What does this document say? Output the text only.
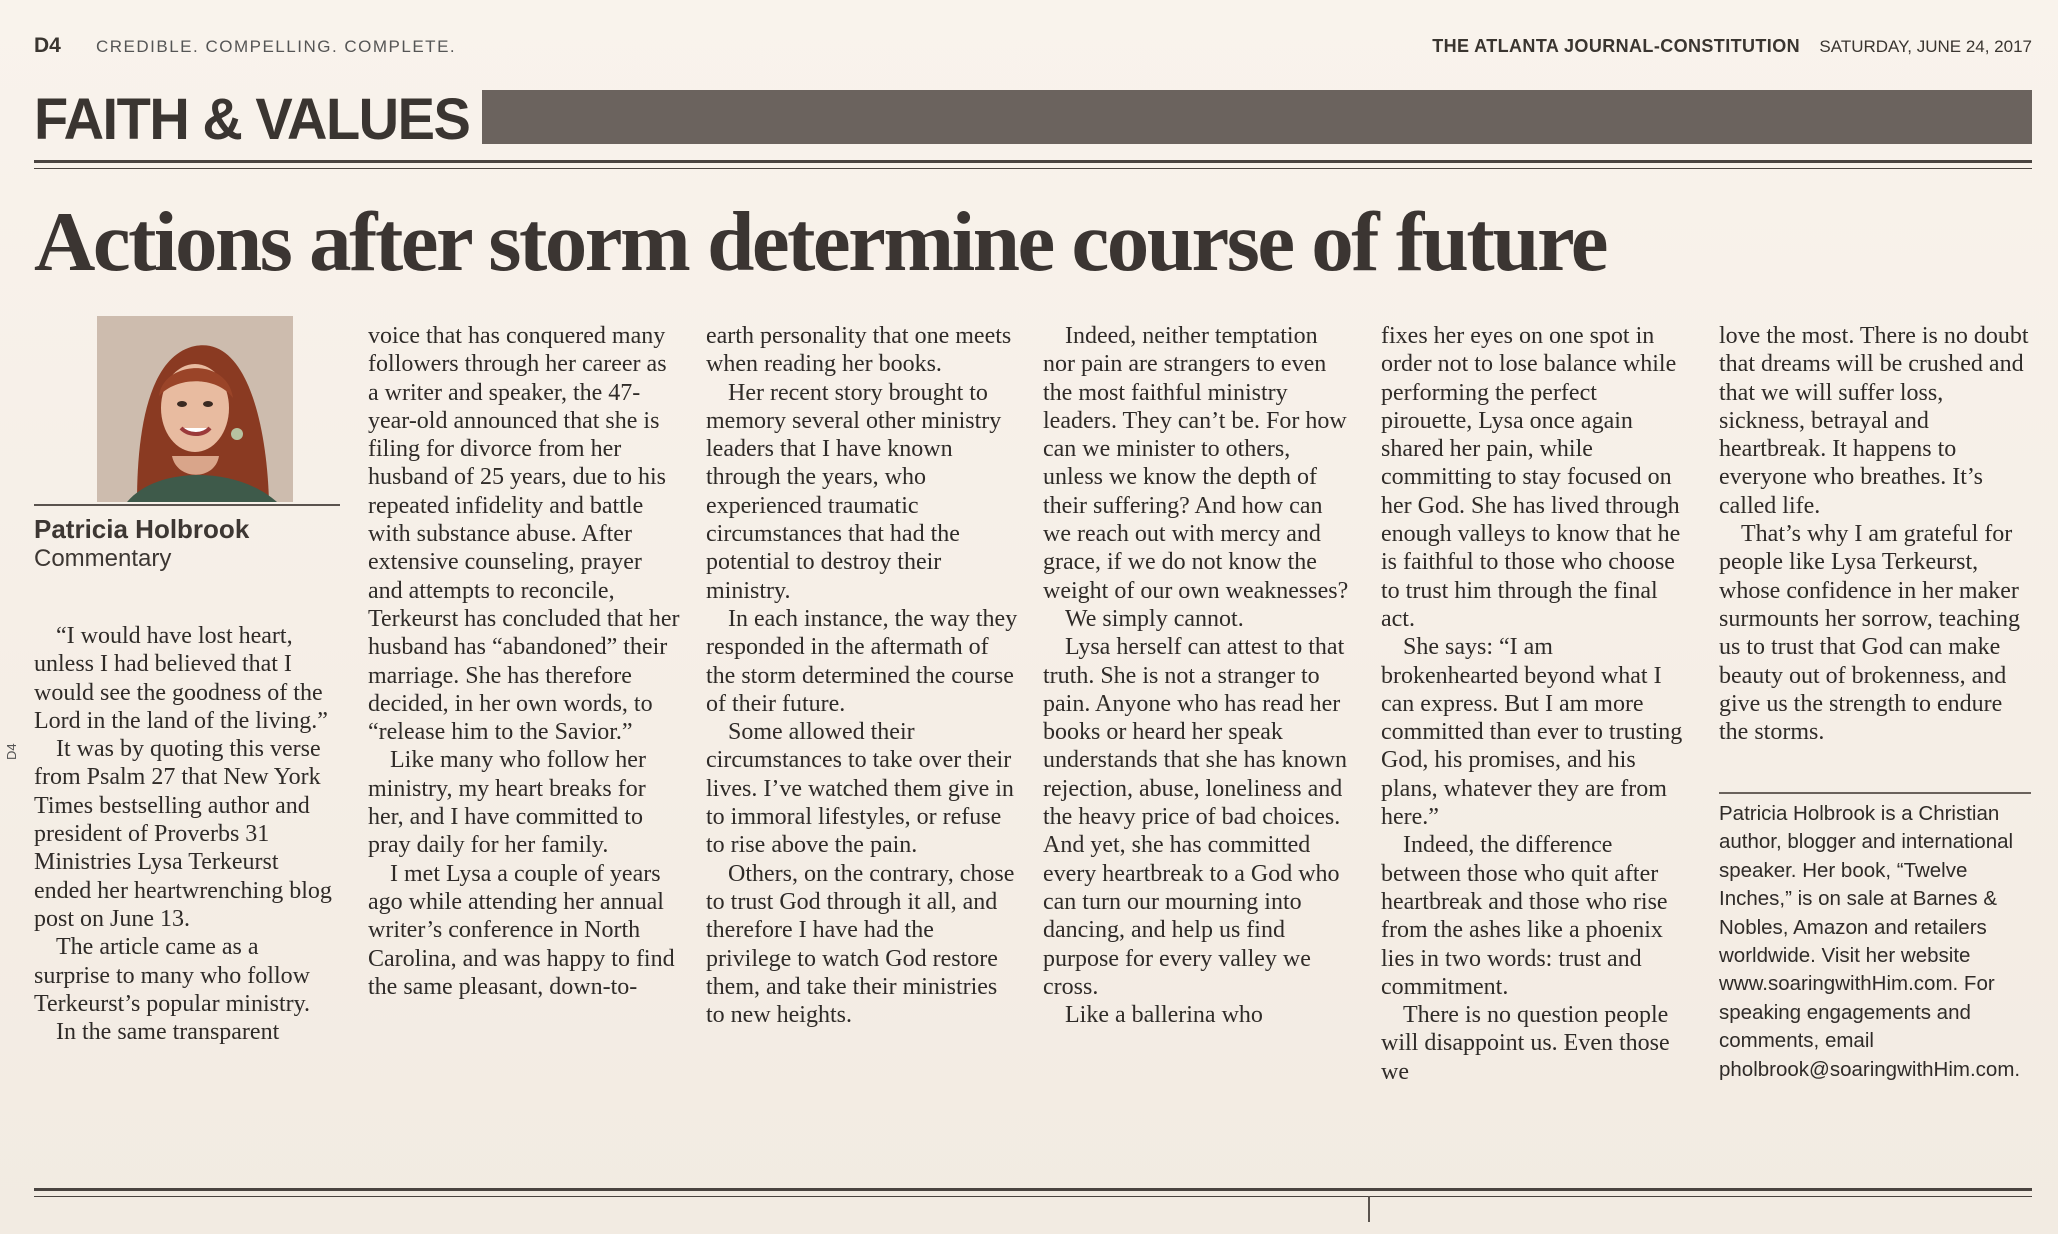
D4 CREDIBLE. COMPELLING. COMPLETE.	THE ATLANTA JOURNAL-CONSTITUTION SATURDAY, JUNE 24, 2017
FAITH & VALUES
Actions after storm determine course of future
Patricia Holbrook
Commentary
D4

“I would have lost heart, unless I had believed that I would see the goodness of the Lord in the land of the living.”

It was by quoting this verse from Psalm 27 that New York Times bestselling author and president of Proverbs 31 Ministries Lysa Terkeurst ended her heartwrenching blog post on June 13.

The article came as a surprise to many who follow Terkeurst’s popular ministry.

In the same transparent

voice that has conquered many followers through her career as a writer and speaker, the 47-year-old announced that she is filing for divorce from her husband of 25 years, due to his repeated infidelity and battle with substance abuse. After extensive counseling, prayer and attempts to reconcile, Terkeurst has concluded that her husband has “abandoned” their marriage. She has therefore decided, in her own words, to “release him to the Savior.”

Like many who follow her ministry, my heart breaks for her, and I have committed to pray daily for her family.

I met Lysa a couple of years ago while attending her annual writer’s conference in North Carolina, and was happy to find the same pleasant, down-to-

earth personality that one meets when reading her books.

Her recent story brought to memory several other ministry leaders that I have known through the years, who experienced traumatic circumstances that had the potential to destroy their ministry.

In each instance, the way they responded in the aftermath of the storm determined the course of their future.

Some allowed their circumstances to take over their lives. I’ve watched them give in to immoral lifestyles, or refuse to rise above the pain.

Others, on the contrary, chose to trust God through it all, and therefore I have had the privilege to watch God restore them, and take their ministries to new heights.

Indeed, neither temptation nor pain are strangers to even the most faithful ministry leaders. They can’t be. For how can we minister to others, unless we know the depth of their suffering? And how can we reach out with mercy and grace, if we do not know the weight of our own weaknesses?

We simply cannot.

Lysa herself can attest to that truth. She is not a stranger to pain. Anyone who has read her books or heard her speak understands that she has known rejection, abuse, loneliness and the heavy price of bad choices. And yet, she has committed every heartbreak to a God who can turn our mourning into dancing, and help us find purpose for every valley we cross.

Like a ballerina who

fixes her eyes on one spot in order not to lose balance while performing the perfect pirouette, Lysa once again shared her pain, while committing to stay focused on her God. She has lived through enough valleys to know that he is faithful to those who choose to trust him through the final act.

She says: “I am brokenhearted beyond what I can express. But I am more committed than ever to trusting God, his promises, and his plans, whatever they are from here.”

Indeed, the difference between those who quit after heartbreak and those who rise from the ashes like a phoenix lies in two words: trust and commitment.

There is no question people will disappoint us. Even those we

love the most. There is no doubt that dreams will be crushed and that we will suffer loss, sickness, betrayal and heartbreak. It happens to everyone who breathes. It’s called life.

That’s why I am grateful for people like Lysa Terkeurst, whose confidence in her maker surmounts her sorrow, teaching us to trust that God can make beauty out of brokenness, and give us the strength to endure the storms.

Patricia Holbrook is a Christian author, blogger and international speaker. Her book, “Twelve Inches,” is on sale at Barnes & Nobles, Amazon and retailers worldwide. Visit her website www.soaringwithHim.com. For speaking engagements and comments, email pholbrook@soaringwithHim.com.
